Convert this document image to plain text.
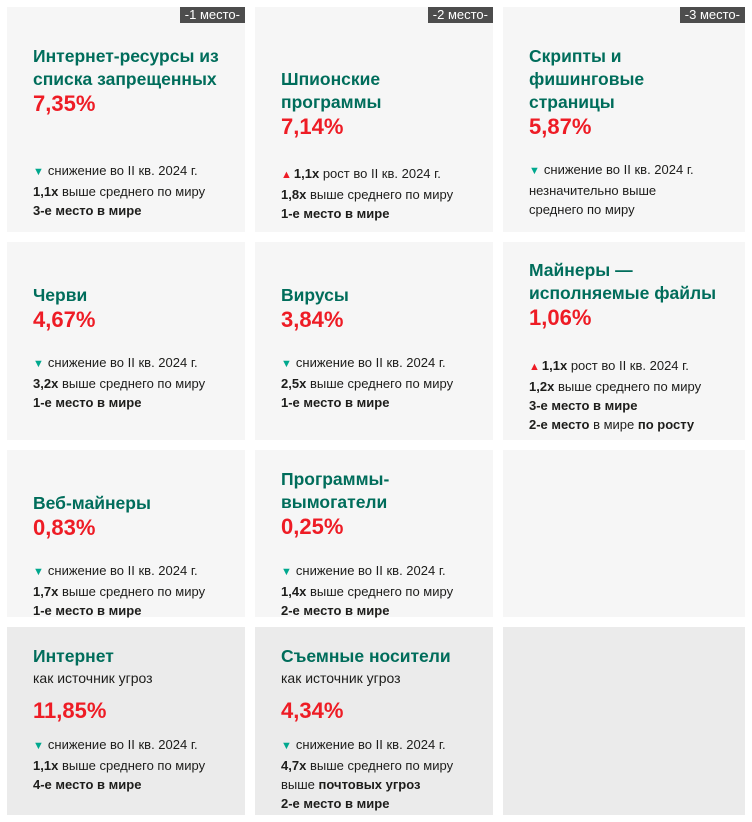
-1 место-
Интернет-ресурсы из списка запрещенных
7,35%
▼ снижение во II кв. 2024 г.
1,1x выше среднего по миру
3-е место в мире
-2 место-
Шпионские программы
7,14%
▲ 1,1x рост во II кв. 2024 г.
1,8x выше среднего по миру
1-е место в мире
-3 место-
Скрипты и фишинговые страницы
5,87%
▼ снижение во II кв. 2024 г.
незначительно выше
среднего по миру
Черви
4,67%
▼ снижение во II кв. 2024 г.
3,2x выше среднего по миру
1-е место в мире
Вирусы
3,84%
▼ снижение во II кв. 2024 г.
2,5x выше среднего по миру
1-е место в мире
Майнеры — исполняемые файлы
1,06%
▲ 1,1x рост во II кв. 2024 г.
1,2x выше среднего по миру
3-е место в мире
2-е место в мире по росту
Веб-майнеры
0,83%
▼ снижение во II кв. 2024 г.
1,7x выше среднего по миру
1-е место в мире
Программы-вымогатели
0,25%
▼ снижение во II кв. 2024 г.
1,4x выше среднего по миру
2-е место в мире
Интернет
как источник угроз
11,85%
▼ снижение во II кв. 2024 г.
1,1x выше среднего по миру
4-е место в мире
Съемные носители
как источник угроз
4,34%
▼ снижение во II кв. 2024 г.
4,7x выше среднего по миру
выше почтовых угроз
2-е место в мире
